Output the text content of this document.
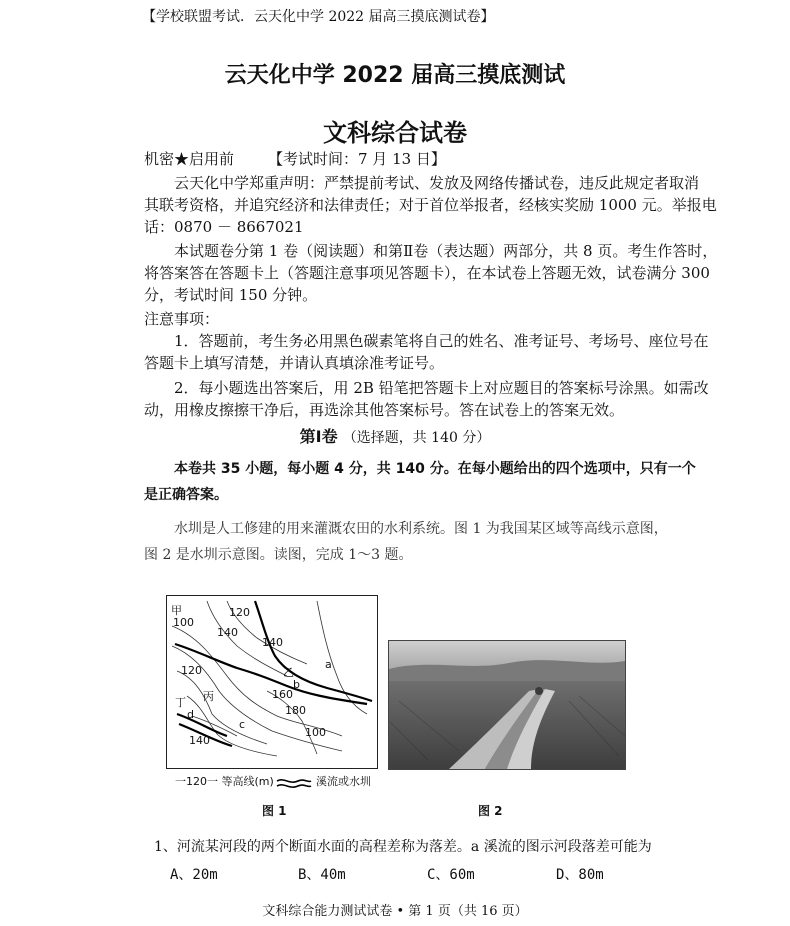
【学校联盟考试．云天化中学 2022 届高三摸底测试卷】
云天化中学 2022 届高三摸底测试
文科综合试卷
机密★启用前 【考试时间：7 月 13 日】
云天化中学郑重声明：严禁提前考试、发放及网络传播试卷，违反此规定者取消
其联考资格，并追究经济和法律责任；对于首位举报者，经核实奖励 1000 元。举报电
话：0870 － 8667021
本试题卷分第 1 卷（阅读题）和第Ⅱ卷（表达题）两部分，共 8 页。考生作答时，
将答案答在答题卡上（答题注意事项见答题卡），在本试卷上答题无效，试卷满分 300
分，考试时间 150 分钟。
注意事项：
1．答题前，考生务必用黑色碳素笔将自己的姓名、准考证号、考场号、座位号在
答题卡上填写清楚，并请认真填涂准考证号。
2．每小题选出答案后，用 2B 铅笔把答题卡上对应题目的答案标号涂黑。如需改
动，用橡皮擦擦干净后，再选涂其他答案标号。答在试卷上的答案无效。
第Ⅰ卷 （选择题，共 140 分）
本卷共 35 小题，每小题 4 分，共 140 分。在每小题给出的四个选项中，只有一个
是正确答案。
水圳是人工修建的用来灌溉农田的水利系统。图 1 为我国某区域等高线示意图，
图 2 是水圳示意图。读图，完成 1～3 题。
100
120
140
140
140
120
160
180
100
a
b
c
d
乙
甲
丙
丁
一120一 等高线(m)	溪流或水圳
图 1	图 2
1、河流某河段的两个断面水面的高程差称为落差。a 溪流的图示河段落差可能为
A、20m	B、40m	C、60m	D、80m
文科综合能力测试试卷 • 第 1 页（共 16 页）
